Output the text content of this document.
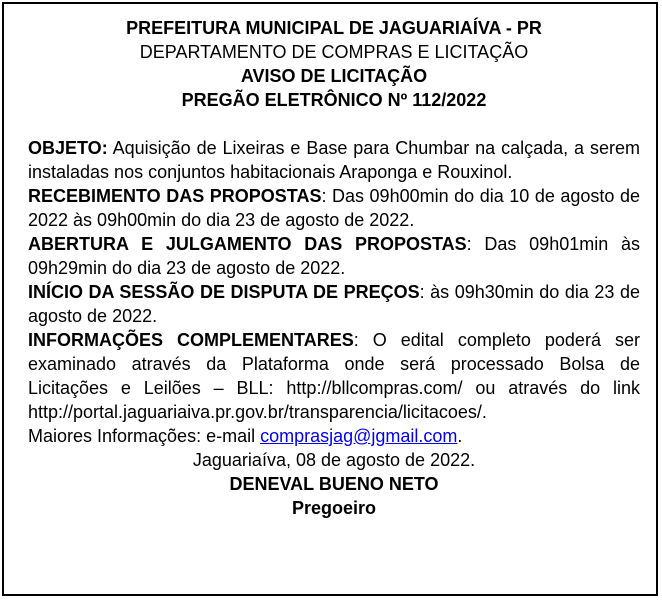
PREFEITURA MUNICIPAL DE JAGUARIAÍVA - PR
DEPARTAMENTO DE COMPRAS E LICITAÇÃO
AVISO DE LICITAÇÃO
PREGÃO ELETRÔNICO Nº 112/2022

OBJETO: Aquisição de Lixeiras e Base para Chumbar na calçada, a serem instaladas nos conjuntos habitacionais Araponga e Rouxinol.

RECEBIMENTO DAS PROPOSTAS: Das 09h00min do dia 10 de agosto de 2022 às 09h00min do dia 23 de agosto de 2022.

ABERTURA E JULGAMENTO DAS PROPOSTAS: Das 09h01min às 09h29min do dia 23 de agosto de 2022.

INÍCIO DA SESSÃO DE DISPUTA DE PREÇOS: às 09h30min do dia 23 de agosto de 2022.

INFORMAÇÕES COMPLEMENTARES: O edital completo poderá ser examinado através da Plataforma onde será processado Bolsa de Licitações e Leilões – BLL: http://bllcompras.com/ ou através do link http://portal.jaguariaiva.pr.gov.br/transparencia/licitacoes/.

Maiores Informações: e-mail comprasjag@jgmail.com.

Jaguariaíva, 08 de agosto de 2022.
DENEVAL BUENO NETO
Pregoeiro
